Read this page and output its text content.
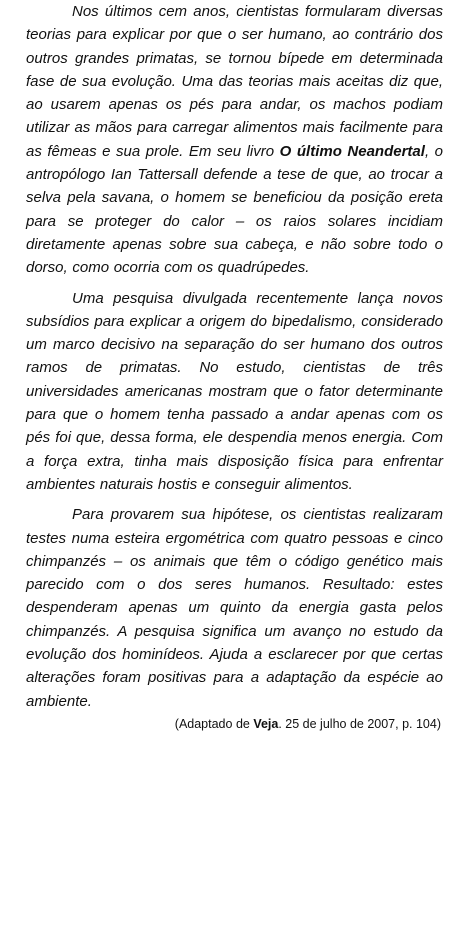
Nos últimos cem anos, cientistas formularam diversas teorias para explicar por que o ser humano, ao contrário dos outros grandes primatas, se tornou bípede em determinada fase de sua evolução. Uma das teorias mais aceitas diz que, ao usarem apenas os pés para andar, os machos podiam utilizar as mãos para carregar alimentos mais facilmente para as fêmeas e sua prole. Em seu livro O último Neandertal, o antropólogo Ian Tattersall defende a tese de que, ao trocar a selva pela savana, o homem se beneficiou da posição ereta para se proteger do calor – os raios solares incidiam diretamente apenas sobre sua cabeça, e não sobre todo o dorso, como ocorria com os quadrúpedes.

Uma pesquisa divulgada recentemente lança novos subsídios para explicar a origem do bipedalismo, considerado um marco decisivo na separação do ser humano dos outros ramos de primatas. No estudo, cientistas de três universidades americanas mostram que o fator determinante para que o homem tenha passado a andar apenas com os pés foi que, dessa forma, ele despendia menos energia. Com a força extra, tinha mais disposição física para enfrentar ambientes naturais hostis e conseguir alimentos.

Para provarem sua hipótese, os cientistas realizaram testes numa esteira ergométrica com quatro pessoas e cinco chimpanzés – os animais que têm o código genético mais parecido com o dos seres humanos. Resultado: estes despenderam apenas um quinto da energia gasta pelos chimpanzés. A pesquisa significa um avanço no estudo da evolução dos hominídeos. Ajuda a esclarecer por que certas alterações foram positivas para a adaptação da espécie ao ambiente.

(Adaptado de Veja. 25 de julho de 2007, p. 104)
